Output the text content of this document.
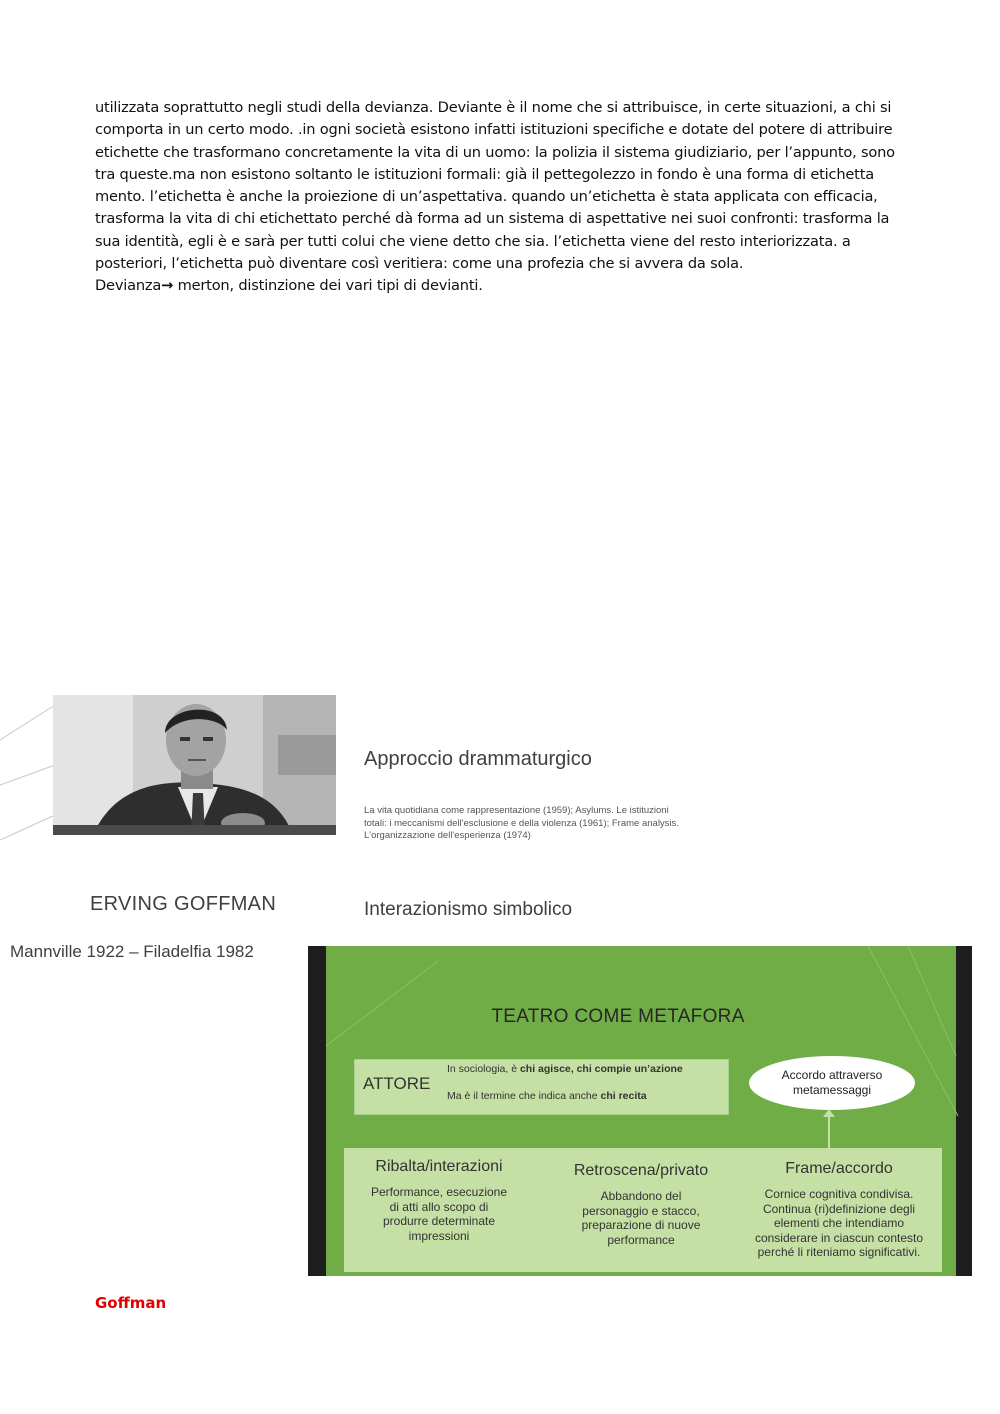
utilizzata soprattutto negli studi della devianza. Deviante è il nome che si attribuisce, in certe situazioni, a chi si comporta in un certo modo. .in ogni società esistono infatti istituzioni specifiche e dotate del potere di attribuire etichette che trasformano concretamente la vita di un uomo: la polizia il sistema giudiziario, per l’appunto, sono tra queste.ma non esistono soltanto le istituzioni formali: già il pettegolezzo in fondo è una forma di etichetta mento. l’etichetta è anche la proiezione di un’aspettativa. quando un’etichetta è stata applicata con efficacia, trasforma la vita di chi etichettato perché dà forma ad un sistema di aspettative nei suoi confronti: trasforma la sua identità, egli è e sarà per tutti colui che viene detto che sia. l’etichetta viene del resto interiorizzata. a posteriori, l’etichetta può diventare così veritiera: come una profezia che si avvera da sola.

Devianza→ merton, distinzione dei vari tipi di devianti.

Approccio drammaturgico
La vita quotidiana come rappresentazione (1959); Asylums. Le istituzioni totali: i meccanismi dell'esclusione e della violenza (1961); Frame analysis. L'organizzazione dell'esperienza (1974)
ERVING GOFFMAN
Mannville 1922 – Filadelfia 1982
Interazionismo simbolico
TEATRO COME METAFORA
ATTORE
In sociologia, è chi agisce, chi compie un’azione
Ma è il termine che indica anche chi recita
Accordo attraverso
metamessaggi
Ribalta/interazioni
Performance, esecuzione
di atti allo scopo di
produrre determinate
impressioni
Retroscena/privato
Abbandono del
personaggio e stacco,
preparazione di nuove
performance
Frame/accordo
Cornice cognitiva condivisa.
Continua (ri)definizione degli
elementi che intendiamo
considerare in ciascun contesto
perché li riteniamo significativi.
Goffman
